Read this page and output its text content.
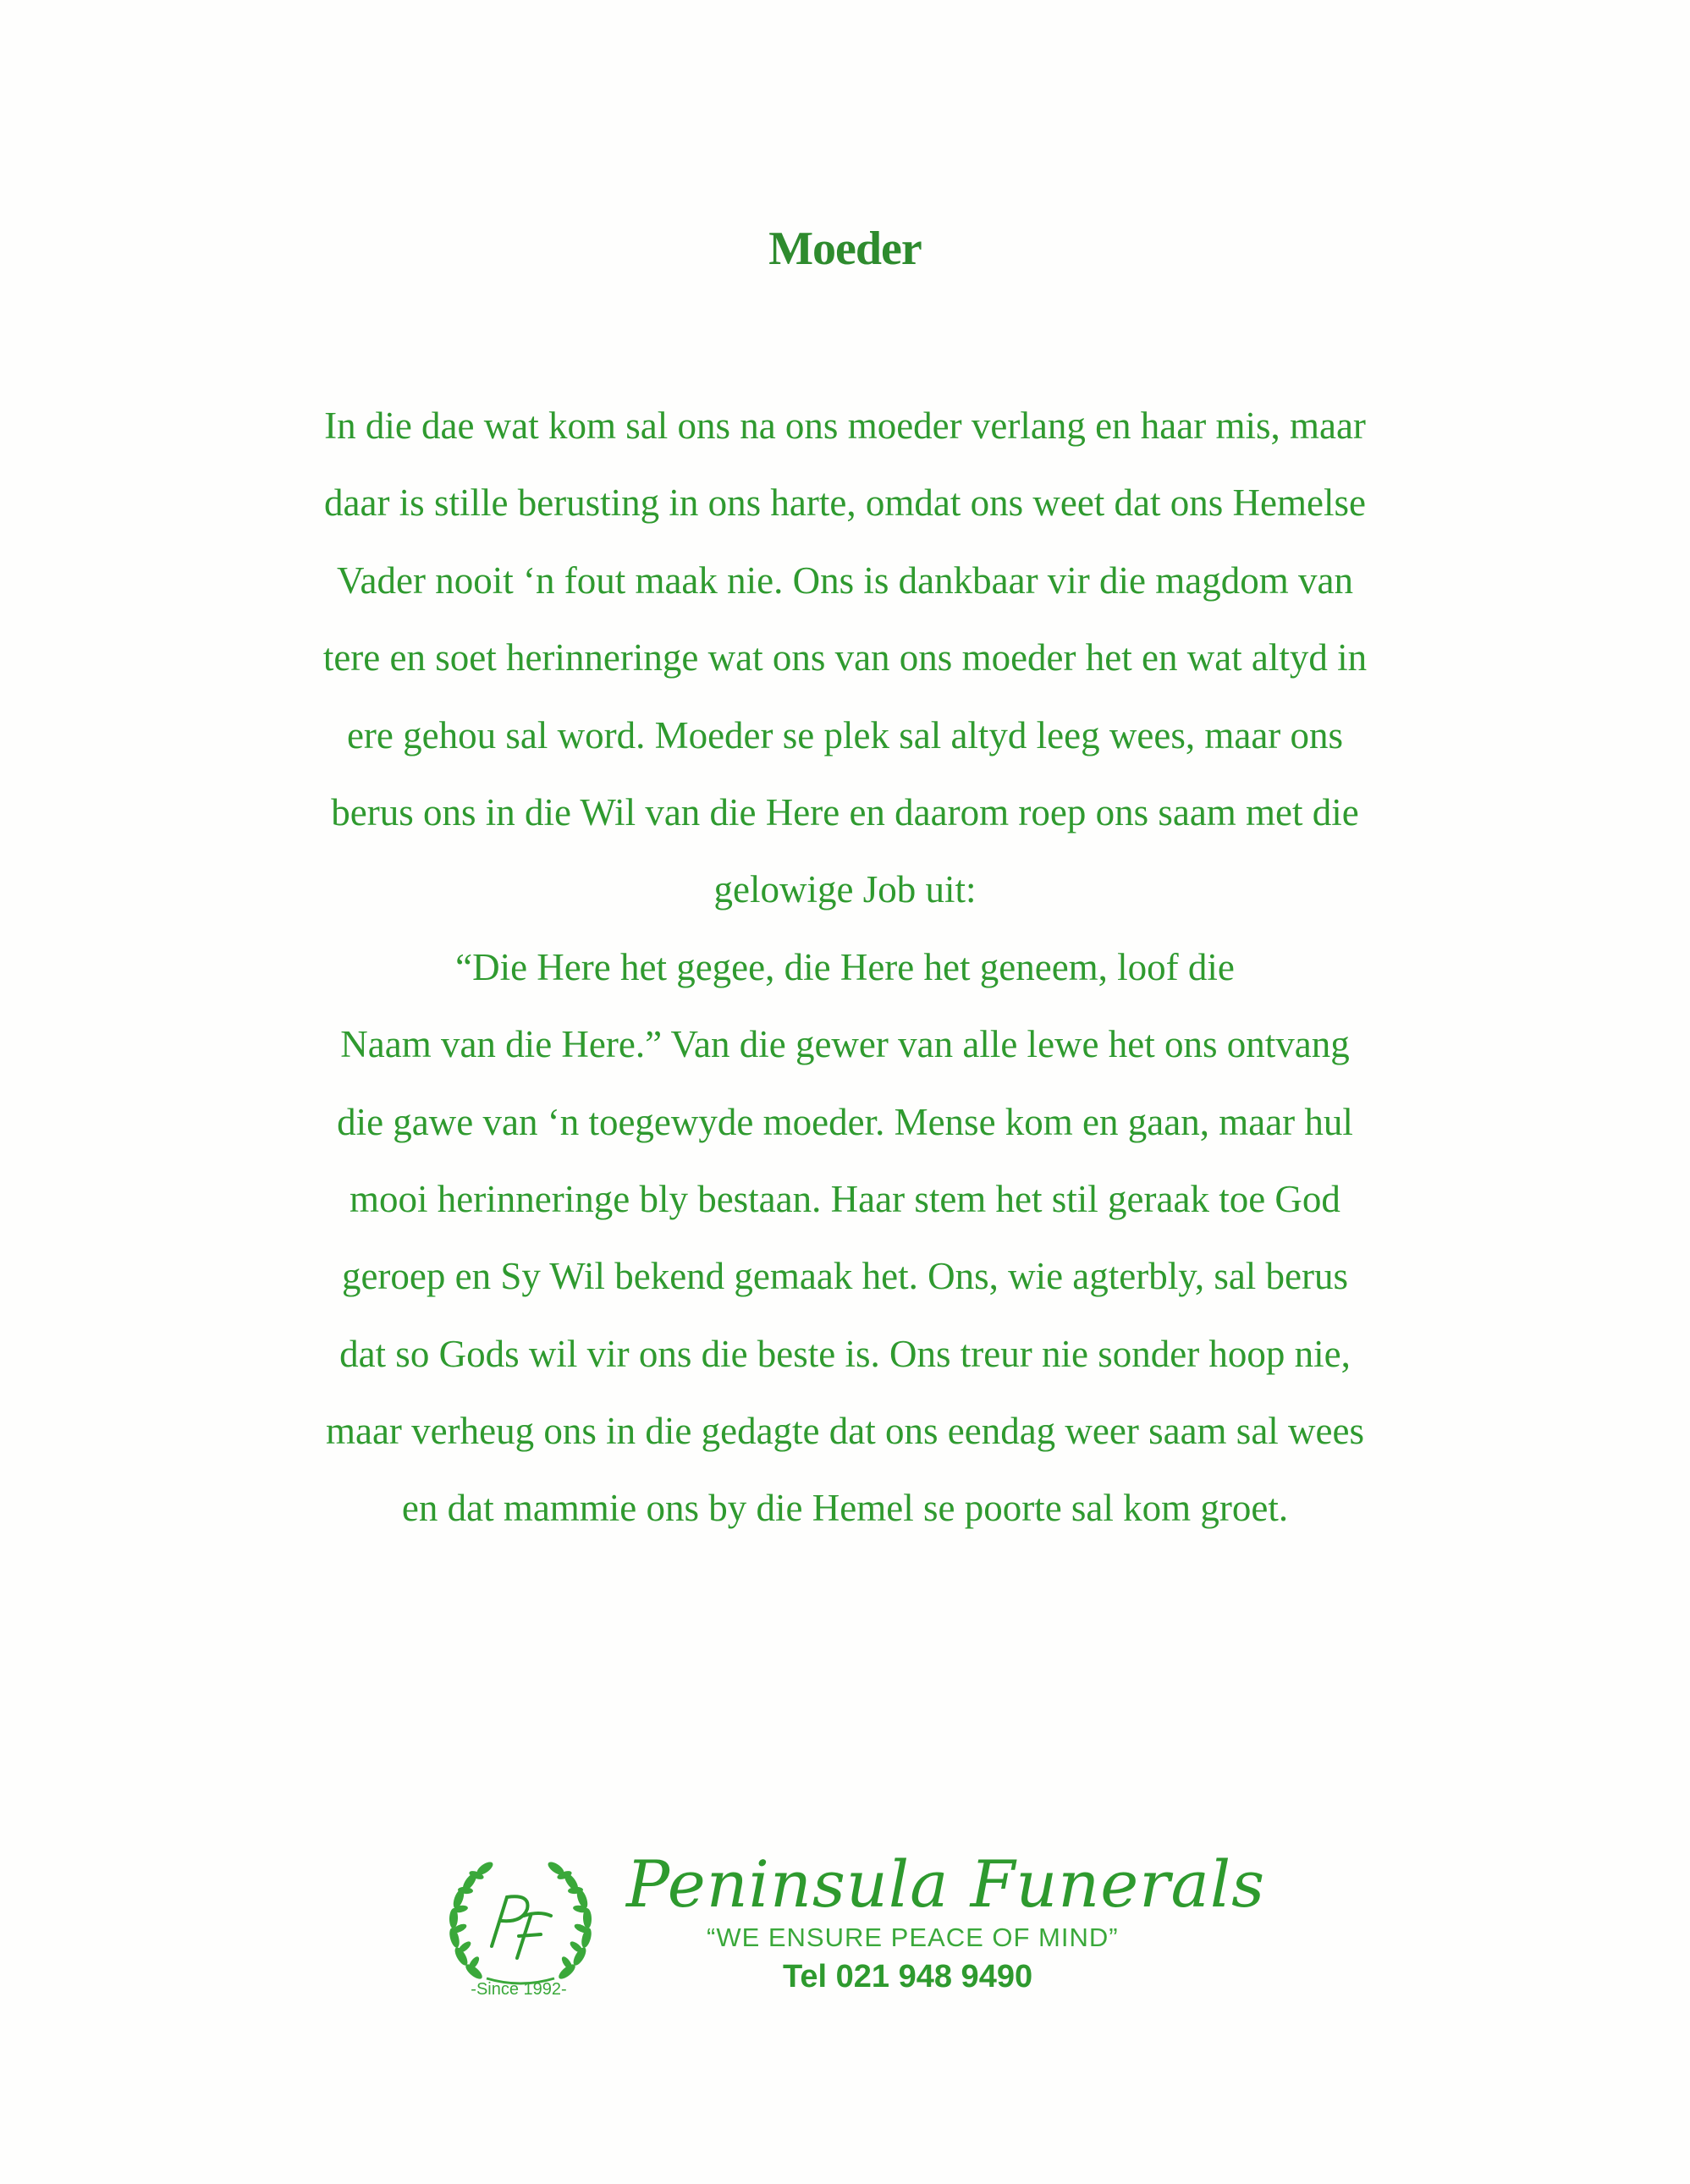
Moeder
In die dae wat kom sal ons na ons moeder verlang en haar mis, maar
daar is stille berusting in ons harte, omdat ons weet dat ons Hemelse
Vader nooit ‘n fout maak nie. Ons is dankbaar vir die magdom van
tere en soet herinneringe wat ons van ons moeder het en wat altyd in
ere gehou sal word. Moeder se plek sal altyd leeg wees, maar ons
berus ons in die Wil van die Here en daarom roep ons saam met die
gelowige Job uit:
“Die Here het gegee, die Here het geneem, loof die
Naam van die Here.” Van die gewer van alle lewe het ons ontvang
die gawe van ‘n toegewyde moeder. Mense kom en gaan, maar hul
mooi herinneringe bly bestaan. Haar stem het stil geraak toe God
geroep en Sy Wil bekend gemaak het. Ons, wie agterbly, sal berus
dat so Gods wil vir ons die beste is. Ons treur nie sonder hoop nie,
maar verheug ons in die gedagte dat ons eendag weer saam sal wees
en dat mammie ons by die Hemel se poorte sal kom groet.
-Since 1992-
Peninsula Funerals
“WE ENSURE PEACE OF MIND”
Tel 021 948 9490
